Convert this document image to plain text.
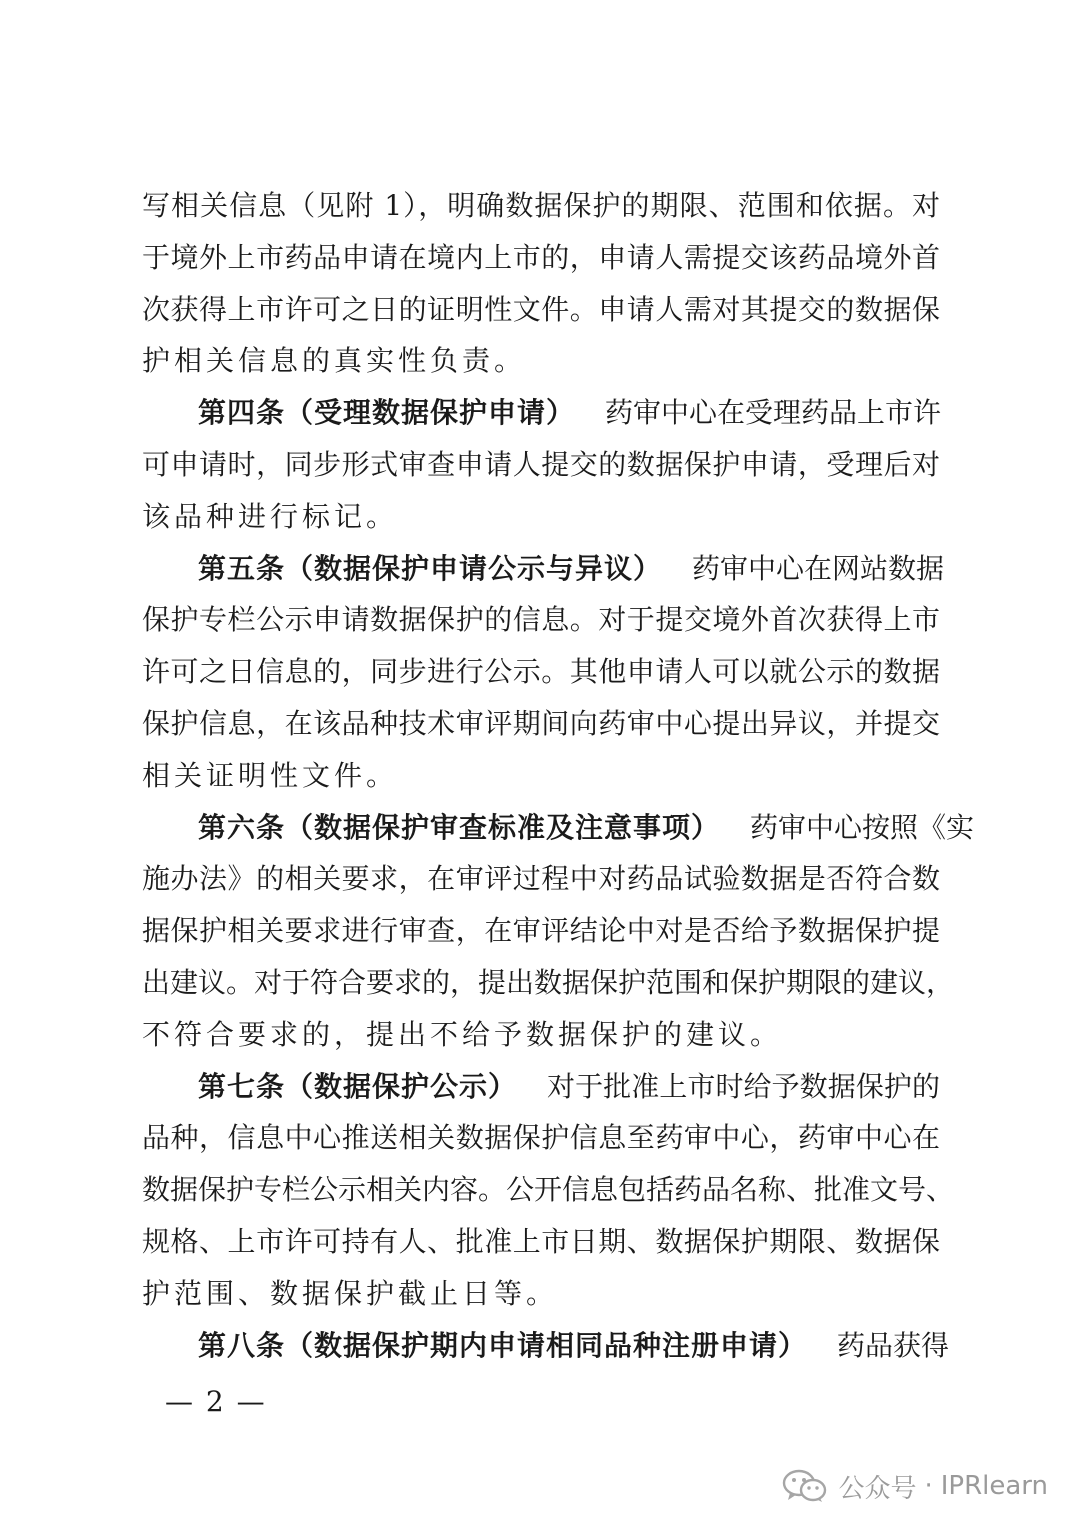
写相关信息（见附 1），明确数据保护的期限、范围和依据。对
于境外上市药品申请在境内上市的，申请人需提交该药品境外首
次获得上市许可之日的证明性文件。申请人需对其提交的数据保
护相关信息的真实性负责。
第四条（受理数据保护申请） 药审中心在受理药品上市许
可申请时，同步形式审查申请人提交的数据保护申请，受理后对
该品种进行标记。
第五条（数据保护申请公示与异议） 药审中心在网站数据
保护专栏公示申请数据保护的信息。对于提交境外首次获得上市
许可之日信息的，同步进行公示。其他申请人可以就公示的数据
保护信息，在该品种技术审评期间向药审中心提出异议，并提交
相关证明性文件。
第六条（数据保护审查标准及注意事项） 药审中心按照《实
施办法》的相关要求，在审评过程中对药品试验数据是否符合数
据保护相关要求进行审查，在审评结论中对是否给予数据保护提
出建议。对于符合要求的，提出数据保护范围和保护期限的建议，
不符合要求的，提出不给予数据保护的建议。
第七条（数据保护公示） 对于批准上市时给予数据保护的
品种，信息中心推送相关数据保护信息至药审中心，药审中心在
数据保护专栏公示相关内容。公开信息包括药品名称、批准文号、
规格、上市许可持有人、批准上市日期、数据保护期限、数据保
护范围、数据保护截止日等。
第八条（数据保护期内申请相同品种注册申请） 药品获得
— 2 —
公众号 · IPRlearn
